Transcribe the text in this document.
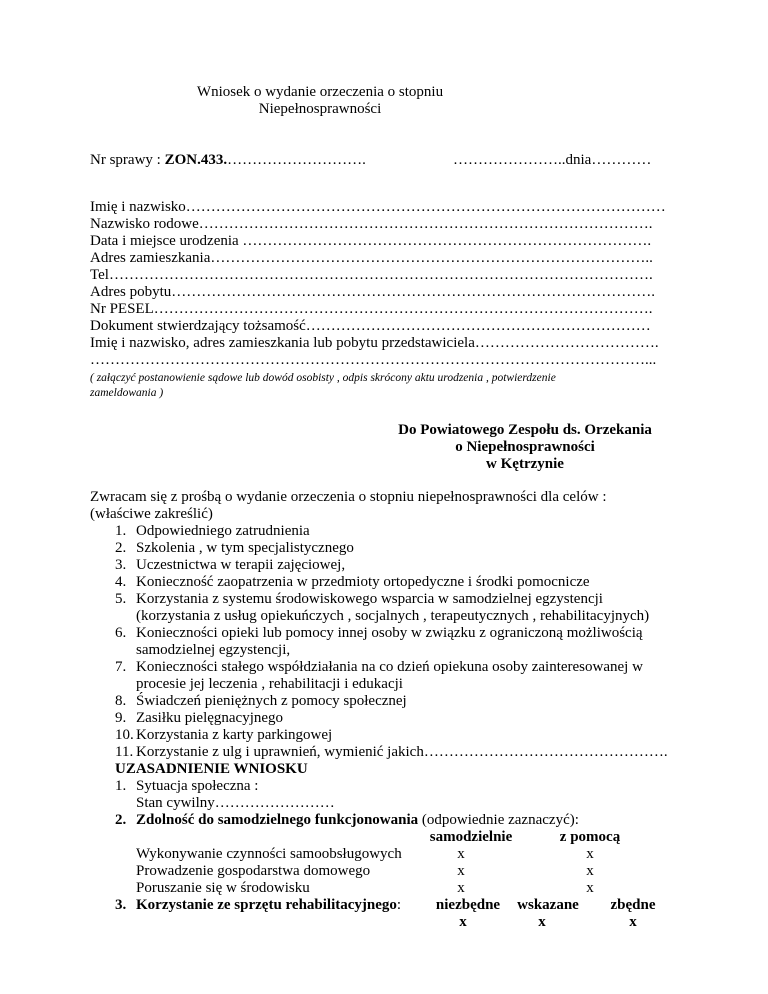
Wniosek o wydanie orzeczenia o stopniu
Niepełnosprawności
Nr sprawy : ZON.433.……………………….	…………………..dnia…………
Imię i nazwisko……………………………………………………………………………………
Nazwisko rodowe……………………………………………………………………………….
Data i miejsce urodzenia ……………………………………………………………………….
Adres zamieszkania……………………………………………………………………………..
Tel……………………………………………………………………………………………….
Adres pobytu…………………………………………………………………………………….
Nr PESEL……………………………………………………………………………………….
Dokument stwierdzający tożsamość……………………………………………………………
Imię i nazwisko, adres zamieszkania lub pobytu przedstawiciela……………………………….
…………………………………………………………………………………………………...
( załączyć postanowienie sądowe lub dowód osobisty , odpis skrócony aktu urodzenia , potwierdzenie
zameldowania )
Do Powiatowego Zespołu ds. Orzekania
o Niepełnosprawności
w Kętrzynie
Zwracam się z prośbą o wydanie orzeczenia o stopniu niepełnosprawności dla celów :
(właściwe zakreślić)
1. Odpowiedniego zatrudnienia
2. Szkolenia , w tym specjalistycznego
3. Uczestnictwa w terapii zajęciowej,
4. Konieczność zaopatrzenia w przedmioty ortopedyczne i środki pomocnicze
5. Korzystania z systemu środowiskowego wsparcia w samodzielnej egzystencji
(korzystania z usług opiekuńczych , socjalnych , terapeutycznych , rehabilitacyjnych)
6. Konieczności opieki lub pomocy innej osoby w związku z ograniczoną możliwością
samodzielnej egzystencji,
7. Konieczności stałego współdziałania na co dzień opiekuna osoby zainteresowanej w
procesie jej leczenia , rehabilitacji i edukacji
8. Świadczeń pieniężnych z pomocy społecznej
9. Zasiłku pielęgnacyjnego
10. Korzystania z karty parkingowej
11. Korzystanie z ulg i uprawnień, wymienić jakich………………………………………….
UZASADNIENIE WNIOSKU
1. Sytuacja społeczna :
Stan cywilny……………………
2. Zdolność do samodzielnego funkcjonowania (odpowiednie zaznaczyć):
samodzielnie	z pomocą
Wykonywanie czynności samoobsługowych	x	x
Prowadzenie gospodarstwa domowego	x	x
Poruszanie się w środowisku	x	x
3. Korzystanie ze sprzętu rehabilitacyjnego:	niezbędne	wskazane	zbędne
x	x	x
